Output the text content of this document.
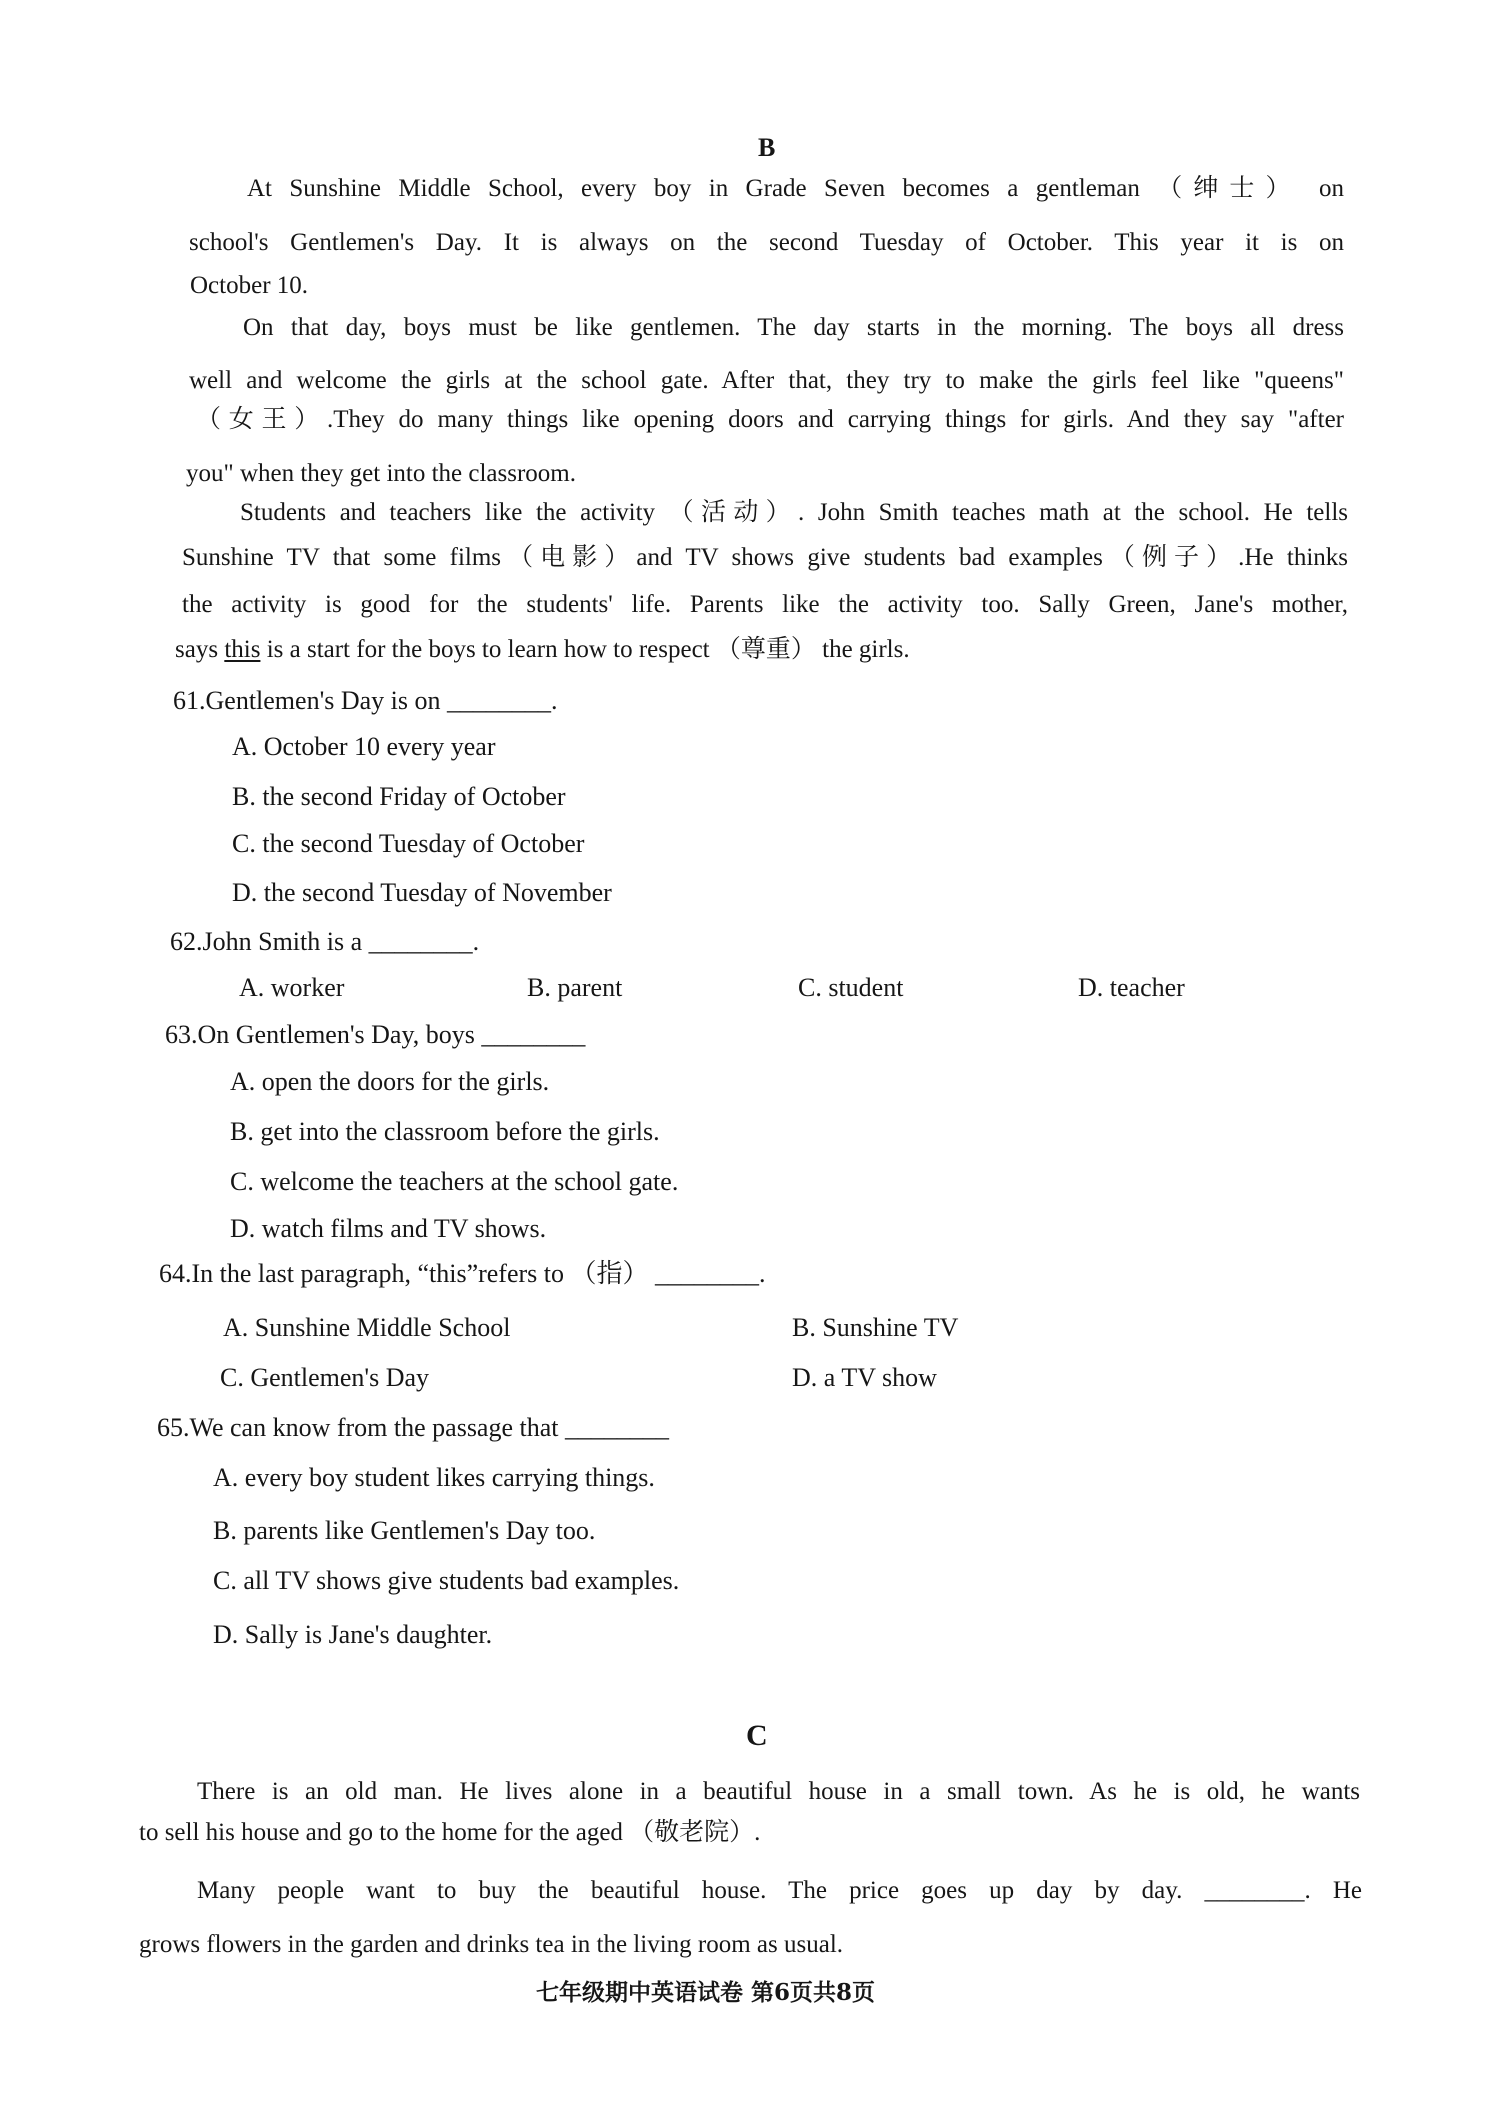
B
At Sunshine Middle School, every boy in Grade Seven becomes a gentleman （绅士） on
school's Gentlemen's Day. It is always on the second Tuesday of October. This year it is on
October 10.
On that day, boys must be like gentlemen. The day starts in the morning. The boys all dress
well and welcome the girls at the school gate. After that, they try to make the girls feel like "queens"
（女王）.They do many things like opening doors and carrying things for girls. And they say "after
you" when they get into the classroom.
Students and teachers like the activity （活动）. John Smith teaches math at the school. He tells
Sunshine TV that some films（电影）and TV shows give students bad examples（例子）.He thinks
the activity is good for the students' life. Parents like the activity too. Sally Green, Jane's mother,
says this is a start for the boys to learn how to respect （尊重） the girls.
61.Gentlemen's Day is on ________.
A. October 10 every year
B. the second Friday of October
C. the second Tuesday of October
D. the second Tuesday of November
62.John Smith is a ________.
A. worker	B. parent	C. student	D. teacher
63.On Gentlemen's Day, boys ________
A. open the doors for the girls.
B. get into the classroom before the girls.
C. welcome the teachers at the school gate.
D. watch films and TV shows.
64.In the last paragraph, “this”refers to （指） ________.
A. Sunshine Middle School	B. Sunshine TV
C. Gentlemen's Day	D. a TV show
65.We can know from the passage that ________
A. every boy student likes carrying things.
B. parents like Gentlemen's Day too.
C. all TV shows give students bad examples.
D. Sally is Jane's daughter.
C
There is an old man. He lives alone in a beautiful house in a small town. As he is old, he wants
to sell his house and go to the home for the aged （敬老院）.
Many people want to buy the beautiful house. The price goes up day by day. ________. He
grows flowers in the garden and drinks tea in the living room as usual.
七年级期中英语试卷 第6页共8页
